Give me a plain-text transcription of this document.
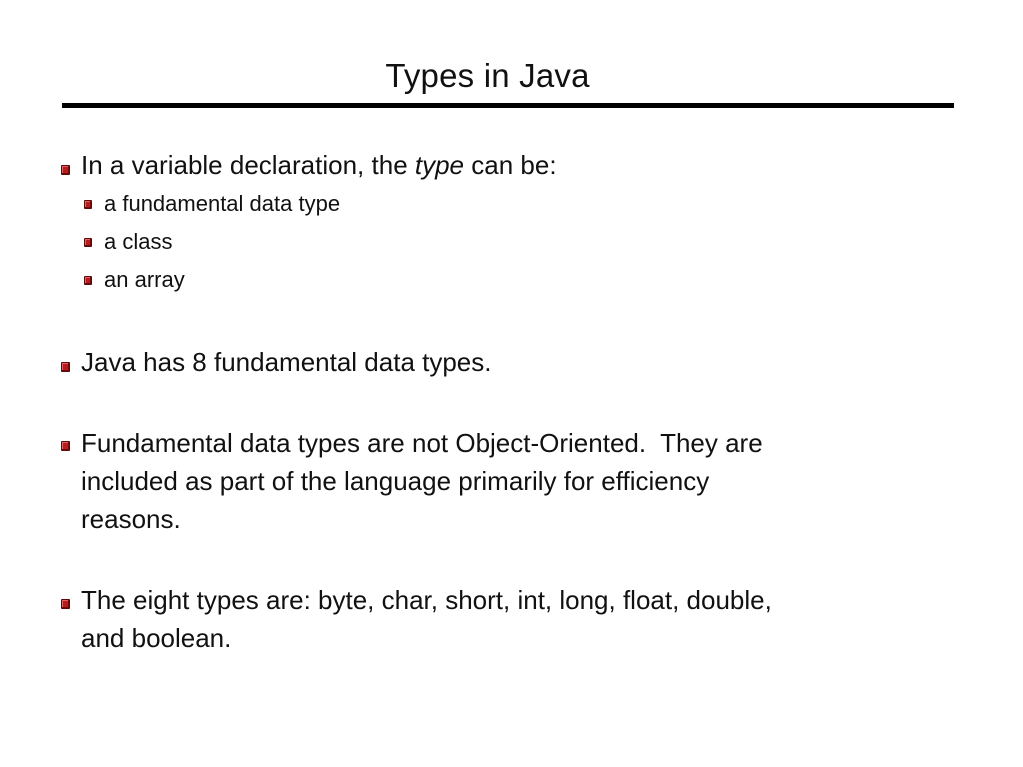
Types in Java
In a variable declaration, the type can be:
a fundamental data type
a class
an array
Java has 8 fundamental data types.
Fundamental data types are not Object-Oriented.  They are
included as part of the language primarily for efficiency
reasons.
The eight types are: byte, char, short, int, long, float, double,
and boolean.
